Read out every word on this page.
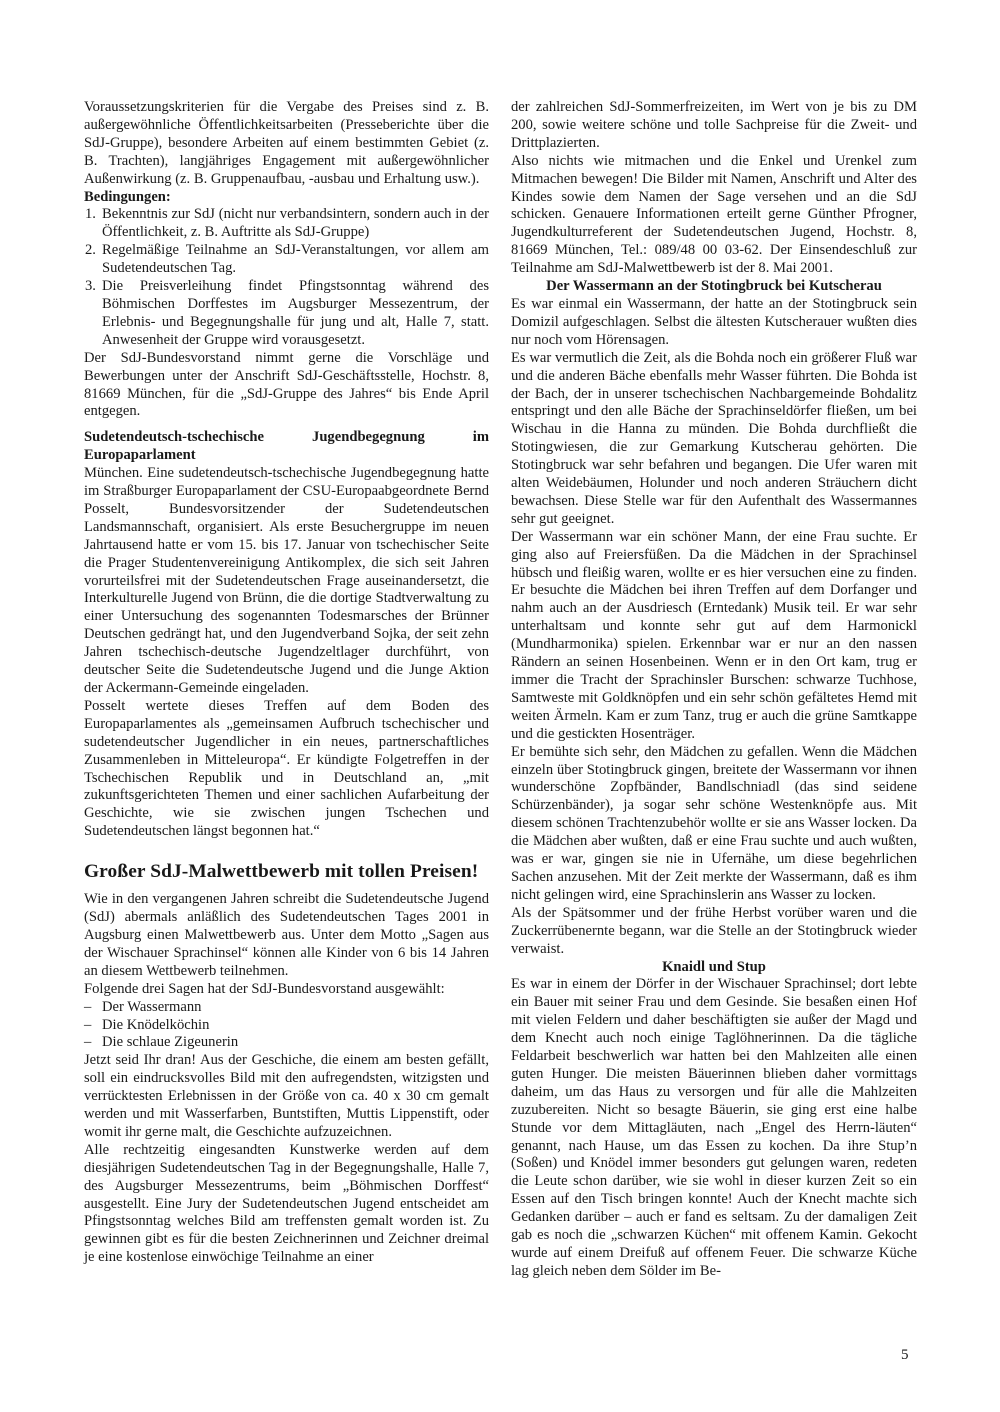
Voraussetzungskriterien für die Vergabe des Preises sind z. B. außergewöhnliche Öffentlichkeitsarbeiten (Presseberichte über die SdJ-Gruppe), besondere Arbeiten auf einem bestimmten Gebiet (z. B. Trachten), langjähriges Engagement mit außergewöhnlicher Außenwirkung (z. B. Gruppenaufbau, -ausbau und Erhaltung usw.).

Bedingungen:

1. Bekenntnis zur SdJ (nicht nur verbandsintern, sondern auch in der Öffentlichkeit, z. B. Auftritte als SdJ-Gruppe)
2. Regelmäßige Teilnahme an SdJ-Veranstaltungen, vor allem am Sudetendeutschen Tag.
3. Die Preisverleihung findet Pfingstsonntag während des Böhmischen Dorffestes im Augsburger Messezentrum, der Erlebnis- und Begegnungshalle für jung und alt, Halle 7, statt. Anwesenheit der Gruppe wird vorausgesetzt.

Der SdJ-Bundesvorstand nimmt gerne die Vorschläge und Bewerbungen unter der Anschrift SdJ-Geschäftsstelle, Hochstr. 8, 81669 München, für die „SdJ-Gruppe des Jahres“ bis Ende April entgegen.

Sudetendeutsch-tschechische Jugendbegegnung im Europaparlament

München. Eine sudetendeutsch-tschechische Jugendbegegnung hatte im Straßburger Europaparlament der CSU-Europaabgeordnete Bernd Posselt, Bundesvorsitzender der Sudetendeutschen Landsmannschaft, organisiert. Als erste Besuchergruppe im neuen Jahrtausend hatte er vom 15. bis 17. Januar von tschechischer Seite die Prager Studentenvereinigung Antikomplex, die sich seit Jahren vorurteilsfrei mit der Sudetendeutschen Frage auseinandersetzt, die Interkulturelle Jugend von Brünn, die die dortige Stadtverwaltung zu einer Untersuchung des sogenannten Todesmarsches der Brünner Deutschen gedrängt hat, und den Jugendverband Sojka, der seit zehn Jahren tschechisch-deutsche Jugendzeltlager durchführt, von deutscher Seite die Sudetendeutsche Jugend und die Junge Aktion der Ackermann-Gemeinde eingeladen.

Posselt wertete dieses Treffen auf dem Boden des Europaparlamentes als „gemeinsamen Aufbruch tschechischer und sudetendeutscher Jugendlicher in ein neues, partnerschaftliches Zusammenleben in Mitteleuropa“. Er kündigte Folgetreffen in der Tschechischen Republik und in Deutschland an, „mit zukunftsgerichteten Themen und einer sachlichen Aufarbeitung der Geschichte, wie sie zwischen jungen Tschechen und Sudetendeutschen längst begonnen hat.“

Großer SdJ-Malwettbewerb mit tollen Preisen!

Wie in den vergangenen Jahren schreibt die Sudetendeutsche Jugend (SdJ) abermals anläßlich des Sudetendeutschen Tages 2001 in Augsburg einen Malwettbewerb aus. Unter dem Motto „Sagen aus der Wischauer Sprachinsel“ können alle Kinder von 6 bis 14 Jahren an diesem Wettbewerb teilnehmen.

Folgende drei Sagen hat der SdJ-Bundesvorstand ausgewählt:

– Der Wassermann
– Die Knödelköchin
– Die schlaue Zigeunerin

Jetzt seid Ihr dran! Aus der Geschiche, die einem am besten gefällt, soll ein eindrucksvolles Bild mit den aufregendsten, witzigsten und verrücktesten Erlebnissen in der Größe von ca. 40 x 30 cm gemalt werden und mit Wasserfarben, Buntstiften, Muttis Lippenstift, oder womit ihr gerne malt, die Geschichte aufzuzeichnen.

Alle rechtzeitig eingesandten Kunstwerke werden auf dem diesjährigen Sudetendeutschen Tag in der Begegnungshalle, Halle 7, des Augsburger Messezentrums, beim „Böhmischen Dorffest“ ausgestellt. Eine Jury der Sudetendeutschen Jugend entscheidet am Pfingstsonntag welches Bild am treffensten gemalt worden ist. Zu gewinnen gibt es für die besten Zeichnerinnen und Zeichner dreimal je eine kostenlose einwöchige Teilnahme an einer

der zahlreichen SdJ-Sommerfreizeiten, im Wert von je bis zu DM 200, sowie weitere schöne und tolle Sachpreise für die Zweit- und Drittplazierten.

Also nichts wie mitmachen und die Enkel und Urenkel zum Mitmachen bewegen! Die Bilder mit Namen, Anschrift und Alter des Kindes sowie dem Namen der Sage versehen und an die SdJ schicken. Genauere Informationen erteilt gerne Günther Pfrogner, Jugendkulturreferent der Sudetendeutschen Jugend, Hochstr. 8, 81669 München, Tel.: 089/48 00 03-62. Der Einsendeschluß zur Teilnahme am SdJ-Malwettbewerb ist der 8. Mai 2001.

Der Wassermann an der Stotingbruck bei Kutscherau

Es war einmal ein Wassermann, der hatte an der Stotingbruck sein Domizil aufgeschlagen. Selbst die ältesten Kutscherauer wußten dies nur noch vom Hörensagen.

Es war vermutlich die Zeit, als die Bohda noch ein größerer Fluß war und die anderen Bäche ebenfalls mehr Wasser führten. Die Bohda ist der Bach, der in unserer tschechischen Nachbargemeinde Bohdalitz entspringt und den alle Bäche der Sprachinseldörfer fließen, um bei Wischau in die Hanna zu münden. Die Bohda durchfließt die Stotingwiesen, die zur Gemarkung Kutscherau gehörten. Die Stotingbruck war sehr befahren und begangen. Die Ufer waren mit alten Weidebäumen, Holunder und noch anderen Sträuchern dicht bewachsen. Diese Stelle war für den Aufenthalt des Wassermannes sehr gut geeignet.

Der Wassermann war ein schöner Mann, der eine Frau suchte. Er ging also auf Freiersfüßen. Da die Mädchen in der Sprachinsel hübsch und fleißig waren, wollte er es hier versuchen eine zu finden. Er besuchte die Mädchen bei ihren Treffen auf dem Dorfanger und nahm auch an der Ausdriesch (Erntedank) Musik teil. Er war sehr unterhaltsam und konnte sehr gut auf dem Harmonickl (Mundharmonika) spielen. Erkennbar war er nur an den nassen Rändern an seinen Hosenbeinen. Wenn er in den Ort kam, trug er immer die Tracht der Sprachinsler Burschen: schwarze Tuchhose, Samtweste mit Goldknöpfen und ein sehr schön gefältetes Hemd mit weiten Ärmeln. Kam er zum Tanz, trug er auch die grüne Samtkappe und die gestickten Hosenträger.

Er bemühte sich sehr, den Mädchen zu gefallen. Wenn die Mädchen einzeln über Stotingbruck gingen, breitete der Wassermann vor ihnen wunderschöne Zopfbänder, Bandlschniadl (das sind seidene Schürzenbänder), ja sogar sehr schöne Westenknöpfe aus. Mit diesem schönen Trachtenzubehör wollte er sie ans Wasser locken. Da die Mädchen aber wußten, daß er eine Frau suchte und auch wußten, was er war, gingen sie nie in Ufernähe, um diese begehrlichen Sachen anzusehen. Mit der Zeit merkte der Wassermann, daß es ihm nicht gelingen wird, eine Sprachinslerin ans Wasser zu locken.

Als der Spätsommer und der frühe Herbst vorüber waren und die Zuckerrübenernte begann, war die Stelle an der Stotingbruck wieder verwaist.

Knaidl und Stup

Es war in einem der Dörfer in der Wischauer Sprachinsel; dort lebte ein Bauer mit seiner Frau und dem Gesinde. Sie besaßen einen Hof mit vielen Feldern und daher beschäftigten sie außer der Magd und dem Knecht auch noch einige Taglöhnerinnen. Da die tägliche Feldarbeit beschwerlich war hatten bei den Mahlzeiten alle einen guten Hunger. Die meisten Bäuerinnen blieben daher vormittags daheim, um das Haus zu versorgen und für alle die Mahlzeiten zuzubereiten. Nicht so besagte Bäuerin, sie ging erst eine halbe Stunde vor dem Mittagläuten, nach „Engel des Herrn-läuten“ genannt, nach Hause, um das Essen zu kochen. Da ihre Stup’n (Soßen) und Knödel immer besonders gut gelungen waren, redeten die Leute schon darüber, wie sie wohl in dieser kurzen Zeit so ein Essen auf den Tisch bringen konnte! Auch der Knecht machte sich Gedanken darüber – auch er fand es seltsam. Zu der damaligen Zeit gab es noch die „schwarzen Küchen“ mit offenem Kamin. Gekocht wurde auf einem Dreifuß auf offenem Feuer. Die schwarze Küche lag gleich neben dem Sölder im Be-

5
